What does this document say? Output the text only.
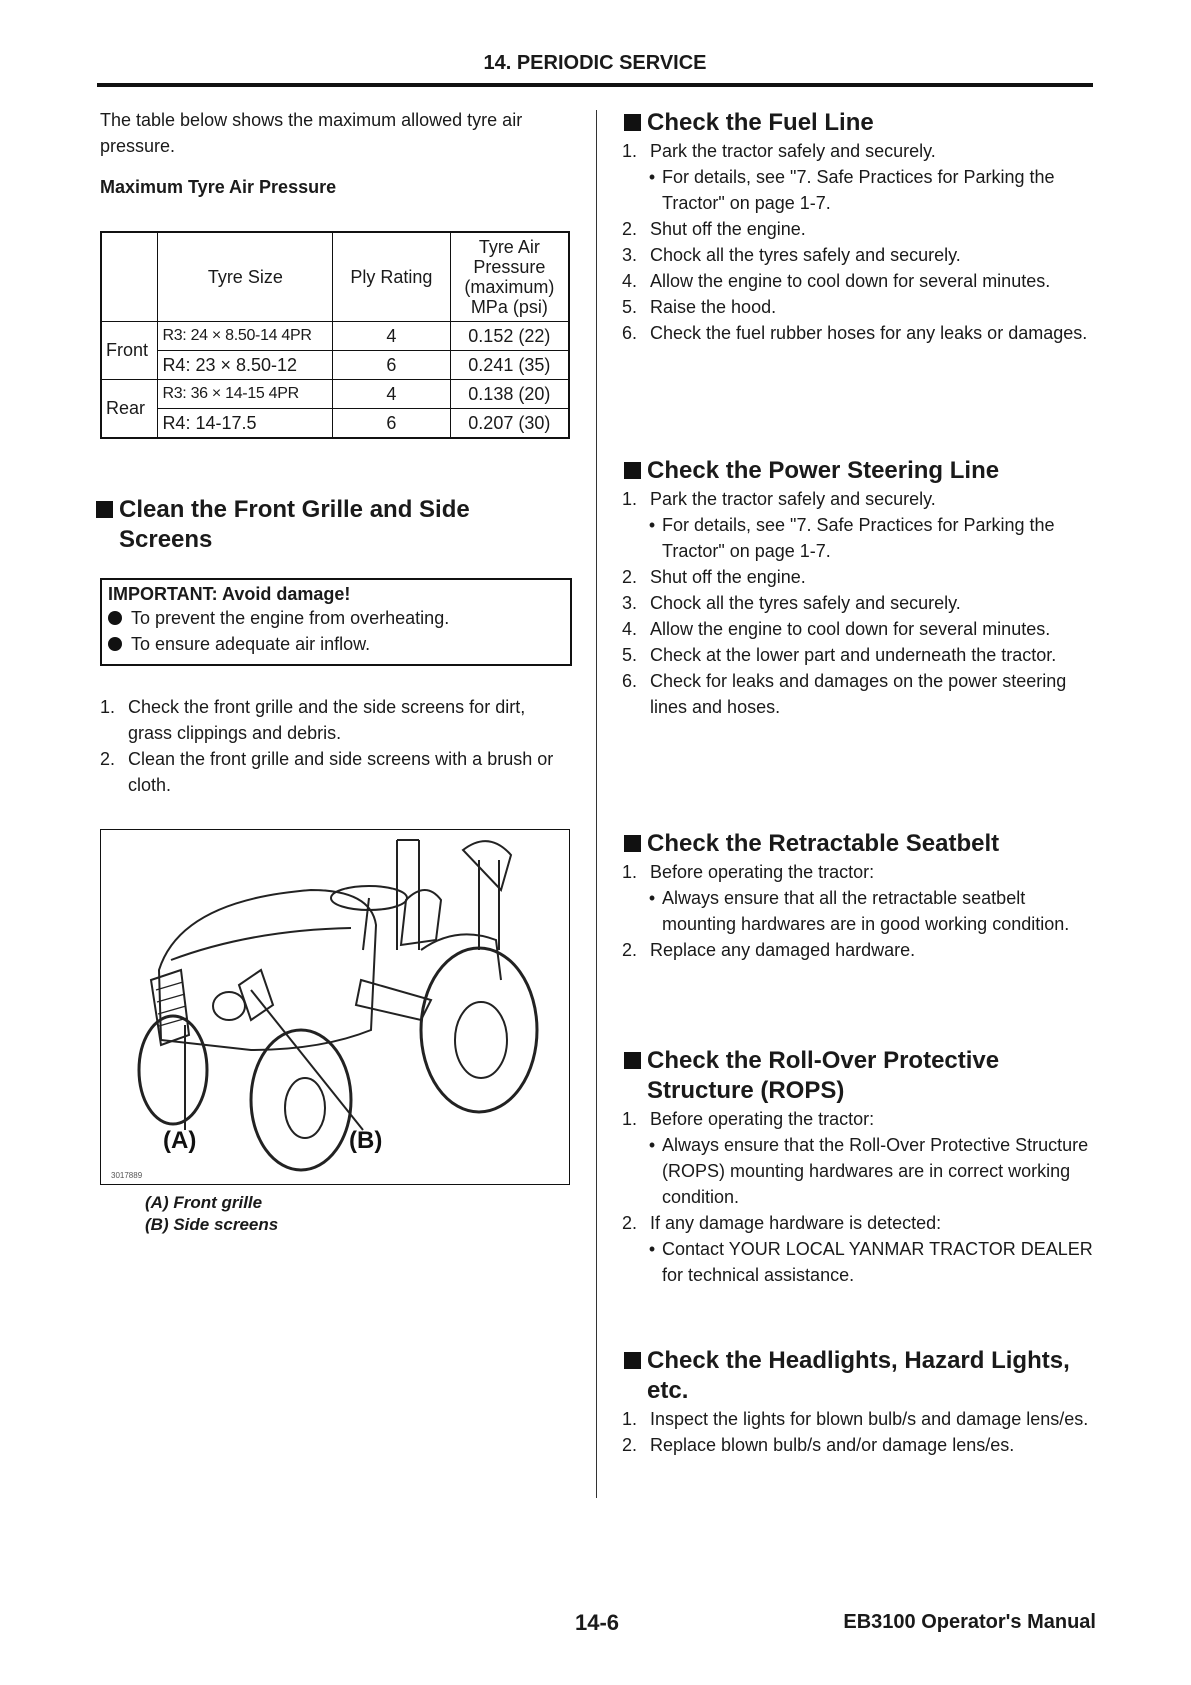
14. PERIODIC SERVICE

The table below shows the maximum allowed tyre air pressure.

Maximum Tyre Air Pressure

	Tyre Size	Ply Rating	Tyre Air Pressure (maximum) MPa (psi)
Front	R3: 24 × 8.50-14 4PR	4	0.152 (22)
	R4: 23 × 8.50-12	6	0.241 (35)
Rear	R3: 36 × 14-15 4PR	4	0.138 (20)
	R4: 14-17.5	6	0.207 (30)
Clean the Front Grille and Side Screens

IMPORTANT: Avoid damage!

To prevent the engine from overheating.
To ensure adequate air inflow.
1. Check the front grille and the side screens for dirt, grass clippings and debris.
2. Clean the front grille and side screens with a brush or cloth.
(A)	(B)
3017889
(A) Front grille
(B) Side screens
Check the Fuel Line
1. Park the tractor safely and securely.
• For details, see "7. Safe Practices for Parking the Tractor" on page 1-7.
2. Shut off the engine.
3. Chock all the tyres safely and securely.
4. Allow the engine to cool down for several minutes.
5. Raise the hood.
6. Check the fuel rubber hoses for any leaks or damages.
Check the Power Steering Line
1. Park the tractor safely and securely.
• For details, see "7. Safe Practices for Parking the Tractor" on page 1-7.
2. Shut off the engine.
3. Chock all the tyres safely and securely.
4. Allow the engine to cool down for several minutes.
5. Check at the lower part and underneath the tractor.
6. Check for leaks and damages on the power steering lines and hoses.
Check the Retractable Seatbelt
1. Before operating the tractor:
• Always ensure that all the retractable seatbelt mounting hardwares are in good working condition.
2. Replace any damaged hardware.
Check the Roll-Over Protective Structure (ROPS)
1. Before operating the tractor:
• Always ensure that the Roll-Over Protective Structure (ROPS) mounting hardwares are in correct working condition.
2. If any damage hardware is detected:
• Contact YOUR LOCAL YANMAR TRACTOR DEALER for technical assistance.
Check the Headlights, Hazard Lights, etc.
1. Inspect the lights for blown bulb/s and damage lens/es.
2. Replace blown bulb/s and/or damage lens/es.
14-6	EB3100 Operator's Manual
